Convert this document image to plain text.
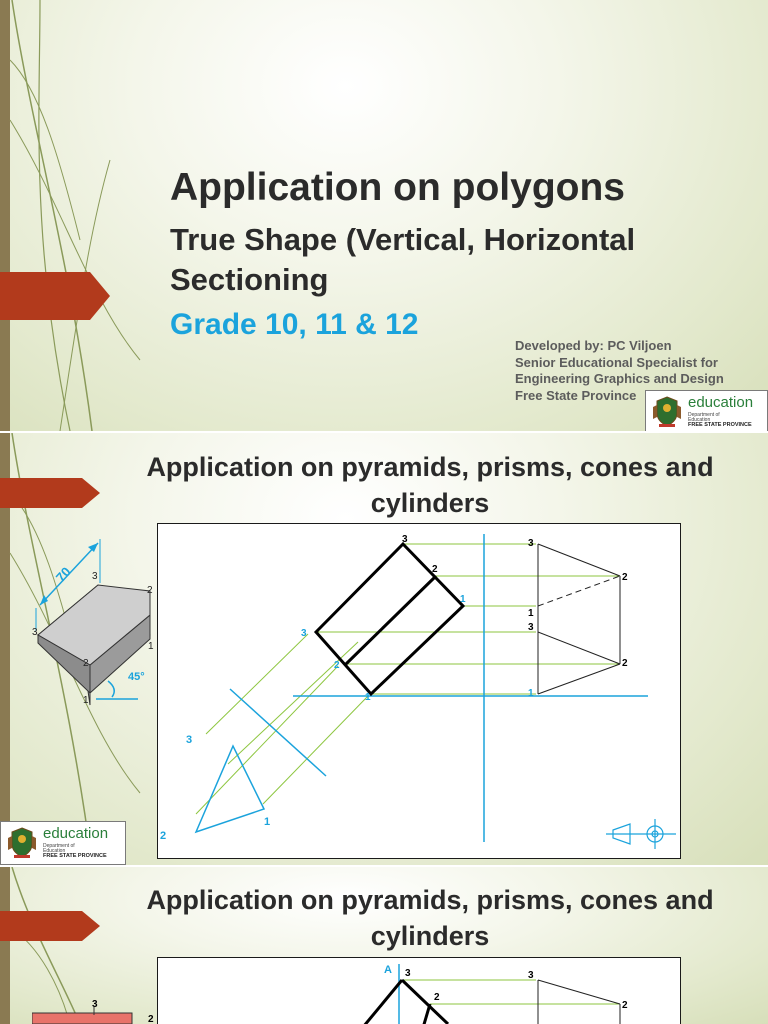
Application on polygons
True Shape (Vertical, Horizontal Sectioning

Grade 10, 11 & 12

Developed by: PC Viljoen
Senior Educational Specialist for
Engineering Graphics and Design
Free State Province	education
Department of
Education
FREE STATE PROVINCE
Application on pyramids, prisms, cones and cylinders
70
45°
1
2
3
1
2
3
3
2
1
3
2
1
3
2
1
3
2
1
3
2
1
education
Department of
Education
FREE STATE PROVINCE
Application on pyramids, prisms, cones and cylinders
A 3
2
3
2
3
2
